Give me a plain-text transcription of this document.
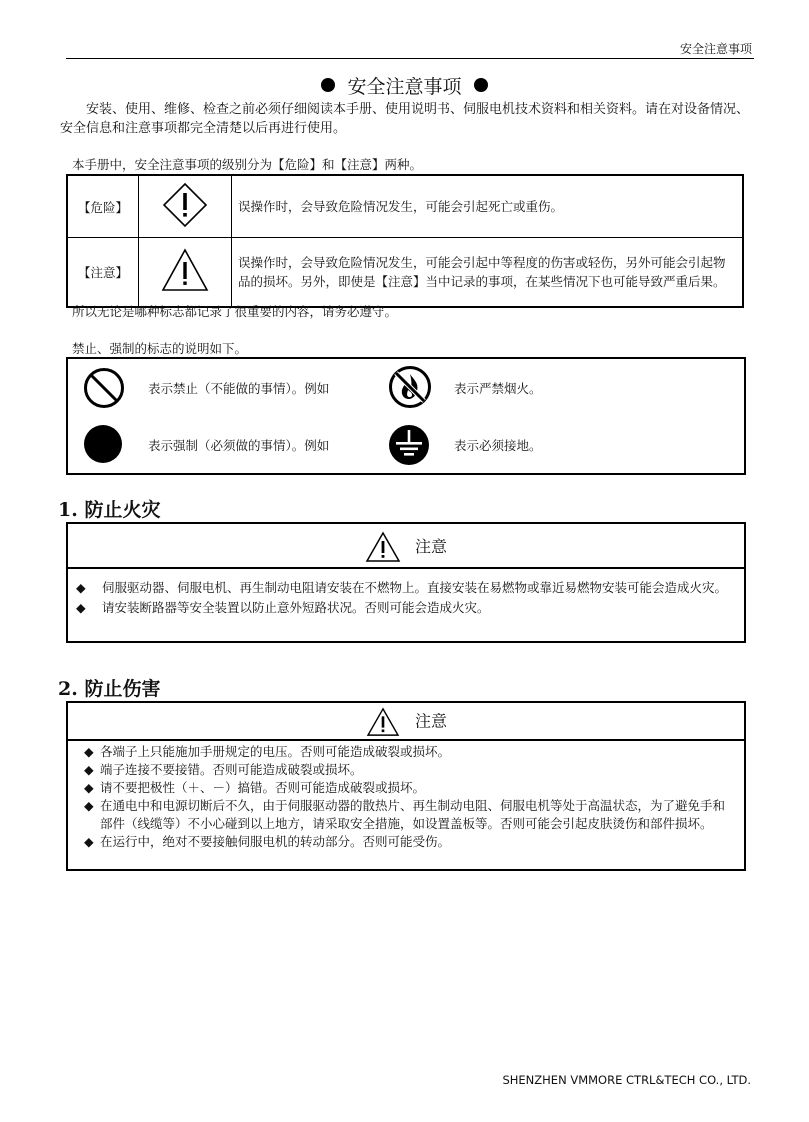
安全注意事项
安全注意事项
安装、使用、维修、检查之前必须仔细阅读本手册、使用说明书、伺服电机技术资料和相关资料。请在对设备情况、安全信息和注意事项都完全清楚以后再进行使用。
本手册中，安全注意事项的级别分为【危险】和【注意】两种。
【危险】		误操作时，会导致危险情况发生，可能会引起死亡或重伤。
【注意】		误操作时，会导致危险情况发生，可能会引起中等程度的伤害或轻伤，另外可能会引起物品的损坏。另外，即使是【注意】当中记录的事项，在某些情况下也可能导致严重后果。
所以无论是哪种标志都记录了很重要的内容，请务必遵守。
禁止、强制的标志的说明如下。
表示禁止（不能做的事情）。例如	表示严禁烟火。
表示强制（必须做的事情）。例如	表示必须接地。
1. 防止火灾
注意
◆ 伺服驱动器、伺服电机、再生制动电阻请安装在不燃物上。直接安装在易燃物或靠近易燃物安装可能会造成火灾。
◆ 请安装断路器等安全装置以防止意外短路状况。否则可能会造成火灾。
2. 防止伤害
注意
◆ 各端子上只能施加手册规定的电压。否则可能造成破裂或损坏。
◆ 端子连接不要接错。否则可能造成破裂或损坏。
◆ 请不要把极性（＋、－）搞错。否则可能造成破裂或损坏。
◆ 在通电中和电源切断后不久，由于伺服驱动器的散热片、再生制动电阻、伺服电机等处于高温状态，为了避免手和部件（线缆等）不小心碰到以上地方，请采取安全措施，如设置盖板等。否则可能会引起皮肤烫伤和部件损坏。
◆ 在运行中，绝对不要接触伺服电机的转动部分。否则可能受伤。
SHENZHEN VMMORE CTRL&TECH CO., LTD.
